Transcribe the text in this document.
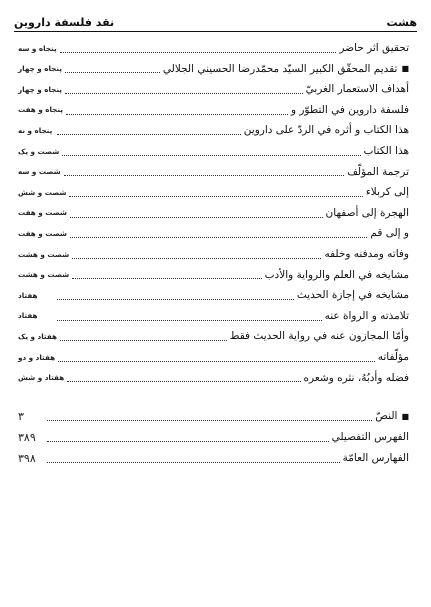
هشت
نقد فلسفة داروين
تحقيق اثر حاضر
پنجاه و سه
■
تقديم المحقّق الكبير السيّد محمّدرضا الحسيني الجلالي
پنجاه و چهار
أهداف الاستعمار الغربيّ
پنجاه و چهار
فلسفة داروين في التطوّر و
پنجاه و هفت
هذا الكتاب و أثره في الردّ على داروين
پنجاه و نه
هذا الكتاب
شصت و يک
ترجمة المؤلّف
شصت و سه
إلى كربلاء
شصت و شش
الهجرة إلى أصفهان
شصت و هفت
و إلى قم
شصت و هفت
وفاته ومدفنه وخلفه
شصت و هشت
مشايخه في العلم والرواية والأدب
شصت و هشت
مشايخه في إجازة الحديث
هفتاد
تلامذته و الرواة عنه
هفتاد
وأمّا المجازون عنه في رواية الحديث فقط
هفتاد و يک
مؤلّفاته
هفتاد و دو
فضله وأدبُهُ، نثره وشعره
هفتاد و شش
■
النصّ
٣
الفهرس التفصيلي
٣٨٩
الفهارس العامّة
٣٩٨
